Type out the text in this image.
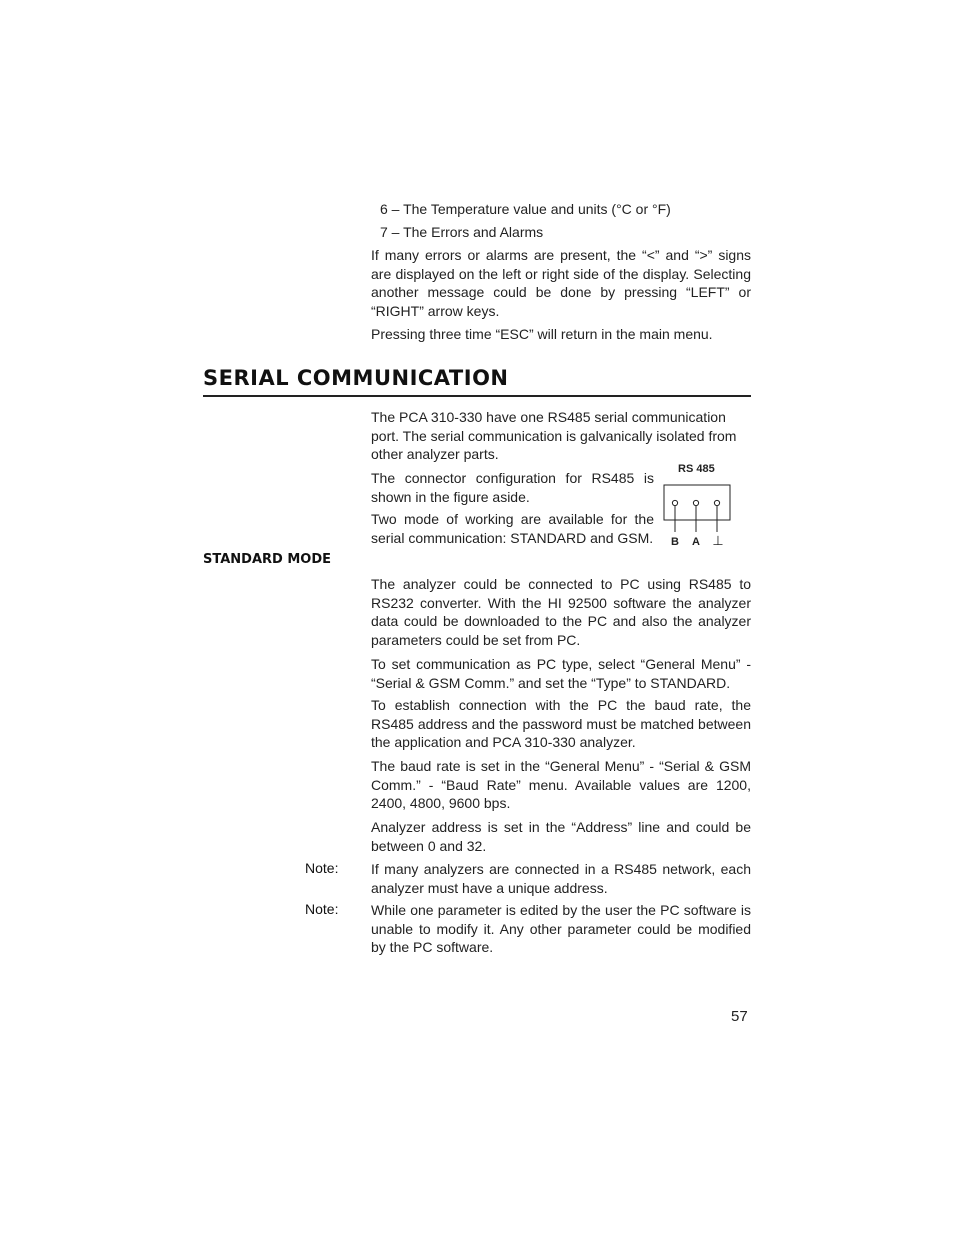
6 – The Temperature value and units (°C or °F)

7 – The Errors and Alarms

If many errors or alarms are present, the “<” and “>” signs are displayed on the left or right side of the display. Selecting another message could be done by pressing “LEFT” or “RIGHT” arrow keys.

Pressing three time “ESC” will return in the main menu.

SERIAL COMMUNICATION

The PCA 310-330 have one RS485 serial communication port. The serial communication is galvanically isolated from other analyzer parts.

The connector configuration for RS485 is shown in the figure aside.

Two mode of working are available for the serial communication: STANDARD and GSM.

RS 485
B A ⊥
STANDARD MODE

The analyzer could be connected to PC using RS485 to RS232 converter. With the HI 92500 software the analyzer data could be downloaded to the PC and also the analyzer parameters could be set from PC.

To set communication as PC type, select “General Menu” - “Serial & GSM Comm.” and set the “Type” to STANDARD.

To establish connection with the PC the baud rate, the RS485 address and the password must be matched between the application and PCA 310-330 analyzer.

The baud rate is set in the “General Menu” - “Serial & GSM Comm.” - “Baud Rate” menu. Available values are 1200, 2400, 4800, 9600 bps.

Analyzer address is set in the “Address” line and could be between 0 and 32.

Note: If many analyzers are connected in a RS485 network, each analyzer must have a unique address.

Note: While one parameter is edited by the user the PC software is unable to modify it. Any other parameter could be modified by the PC software.

57
